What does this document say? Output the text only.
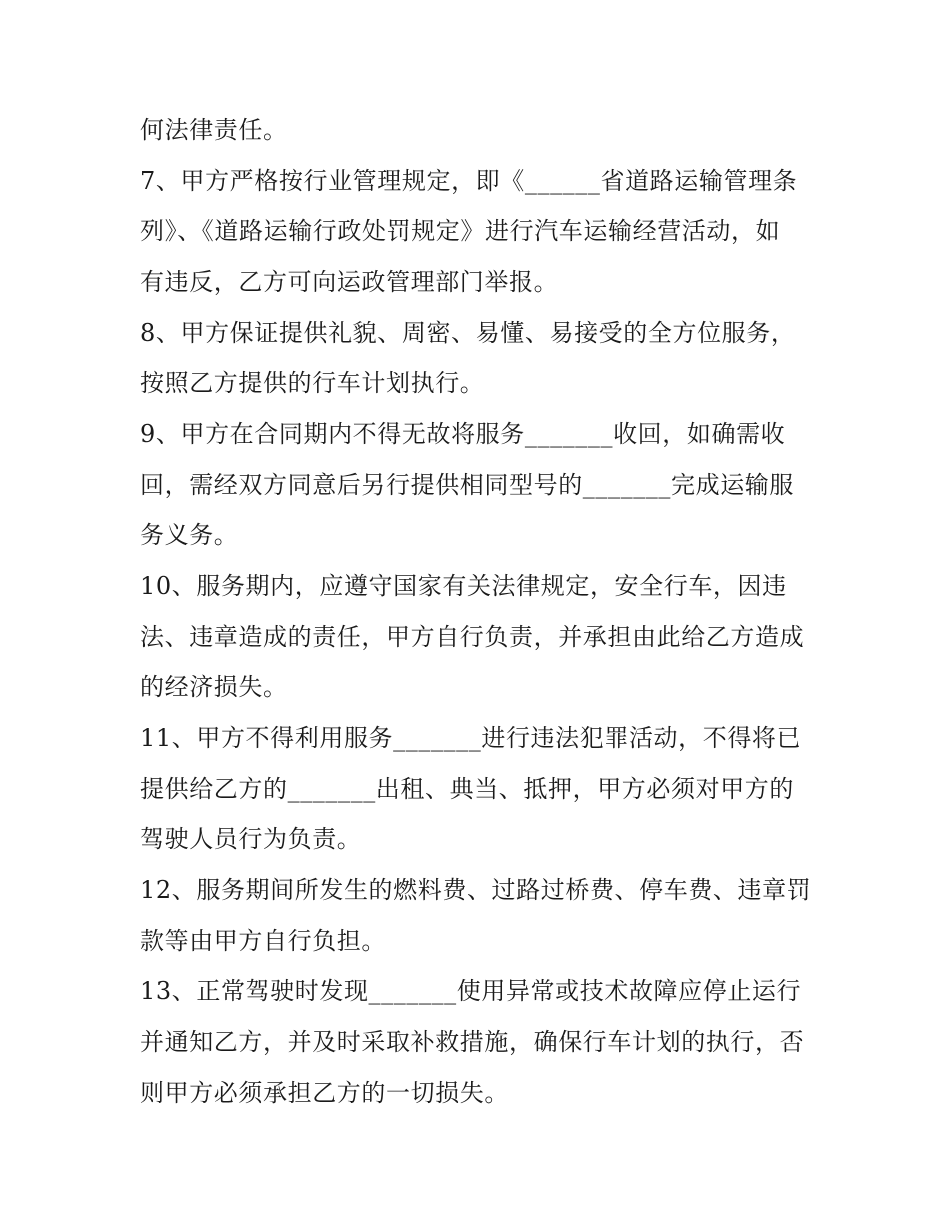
何法律责任。
7、甲方严格按行业管理规定，即《______省道路运输管理条
列》、《道路运输行政处罚规定》进行汽车运输经营活动，如
有违反，乙方可向运政管理部门举报。
8、甲方保证提供礼貌、周密、易懂、易接受的全方位服务，
按照乙方提供的行车计划执行。
9、甲方在合同期内不得无故将服务_______收回，如确需收
回，需经双方同意后另行提供相同型号的_______完成运输服
务义务。
10、服务期内，应遵守国家有关法律规定，安全行车，因违
法、违章造成的责任，甲方自行负责，并承担由此给乙方造成
的经济损失。
11、甲方不得利用服务_______进行违法犯罪活动，不得将已
提供给乙方的_______出租、典当、抵押，甲方必须对甲方的
驾驶人员行为负责。
12、服务期间所发生的燃料费、过路过桥费、停车费、违章罚
款等由甲方自行负担。
13、正常驾驶时发现_______使用异常或技术故障应停止运行
并通知乙方，并及时采取补救措施，确保行车计划的执行，否
则甲方必须承担乙方的一切损失。
